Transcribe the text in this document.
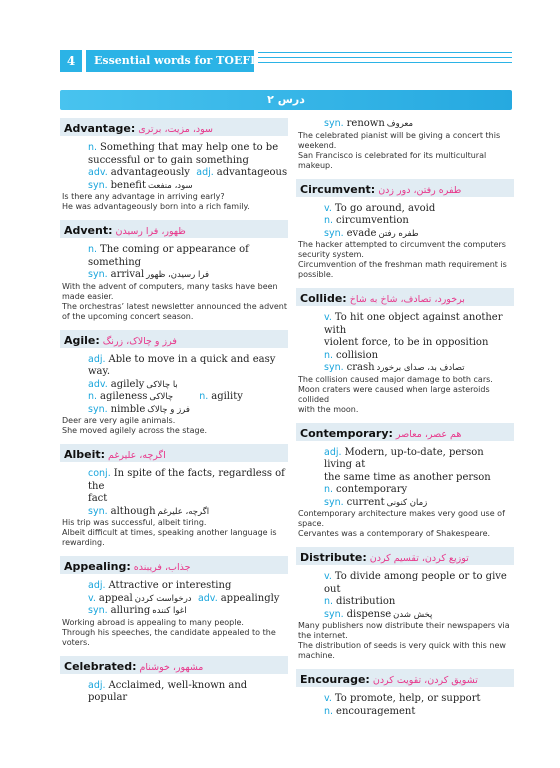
4	Essential words for TOEFL
درس ۲
Advantage: سود، مزیت، برتری
n. Something that may help one to be
successful or to gain something
adv. advantageously adj. advantageous
syn. benefit سود، منفعت
Is there any advantage in arriving early?
He was advantageously born into a rich family.
Advent: ظهور، فرا رسیدن
n. The coming or appearance of something
syn. arrival فرا رسیدن، ظهور
With the advent of computers, many tasks have been
made easier.
The orchestras’ latest newsletter announced the advent
of the upcoming concert season.
Agile: فرز و چالاک، زرنگ
adj. Able to move in a quick and easy way.
adv. agilely با چالاکی
n. agileness چالاکی	n. agility
syn. nimble فرز و چالاک
Deer are very agile animals.
She moved agilely across the stage.
Albeit: اگرچه، علیرغم
conj. In spite of the facts, regardless of the
fact
syn. although اگرچه، علیرغم
His trip was successful, albeit tiring.
Albeit difficult at times, speaking another language is
rewarding.
Appealing: جذاب، فریبنده
adj. Attractive or interesting
v. appeal درخواست کردن adv. appealingly
syn. alluring اغوا کننده
Working abroad is appealing to many people.
Through his speeches, the candidate appealed to the voters.
Celebrated: مشهور، خوشنام
adj. Acclaimed, well-known and popular
syn. renown معروف
The celebrated pianist will be giving a concert this weekend.
San Francisco is celebrated for its multicultural makeup.
Circumvent: طفره رفتن، دور زدن
v. To go around, avoid
n. circumvention
syn. evade طفره رفتن
The hacker attempted to circumvent the computers
security system.
Circumvention of the freshman math requirement is
possible.
Collide: برخورد، تصادف، شاخ به شاخ
v. To hit one object against another with
violent force, to be in opposition
n. collision
syn. crash تصادف بد، صدای برخورد
The collision caused major damage to both cars.
Moon craters were caused when large asteroids collided
with the moon.
Contemporary: هم عصر، معاصر
adj. Modern, up-to-date, person living at
the same time as another person
n. contemporary
syn. current زمان کنونی
Contemporary architecture makes very good use of space.
Cervantes was a contemporary of Shakespeare.
Distribute: توزیع کردن، تقسیم کردن
v. To divide among people or to give out
n. distribution
syn. dispense پخش شدن
Many publishers now distribute their newspapers via
the internet.
The distribution of seeds is very quick with this new
machine.
Encourage: تشویق کردن، تقویت کردن
v. To promote, help, or support
n. encouragement
